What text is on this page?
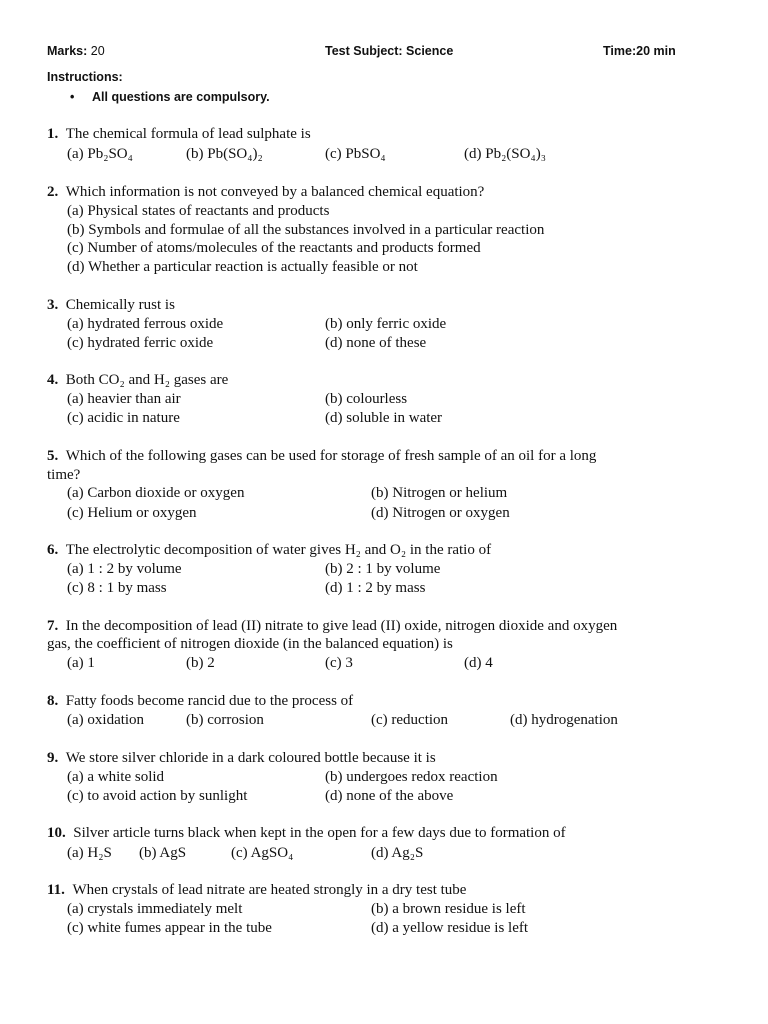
Marks: 20	Test Subject: Science	Time:20 min
Instructions:
• All questions are compulsory.
1. The chemical formula of lead sulphate is
(a) Pb₂SO₄	(b) Pb(SO₄)₂	(c) PbSO₄	(d) Pb₂(SO₄)₃
2. Which information is not conveyed by a balanced chemical equation?
(a) Physical states of reactants and products
(b) Symbols and formulae of all the substances involved in a particular reaction
(c) Number of atoms/molecules of the reactants and products formed
(d) Whether a particular reaction is actually feasible or not
3. Chemically rust is
(a) hydrated ferrous oxide	(b) only ferric oxide
(c) hydrated ferric oxide	(d) none of these
4. Both CO₂ and H₂ gases are
(a) heavier than air	(b) colourless
(c) acidic in nature	(d) soluble in water
5. Which of the following gases can be used for storage of fresh sample of an oil for a long
time?
(a) Carbon dioxide or oxygen	(b) Nitrogen or helium
(c) Helium or oxygen	(d) Nitrogen or oxygen
6. The electrolytic decomposition of water gives H₂ and O₂ in the ratio of
(a) 1 : 2 by volume	(b) 2 : 1 by volume
(c) 8 : 1 by mass	(d) 1 : 2 by mass
7. In the decomposition of lead (II) nitrate to give lead (II) oxide, nitrogen dioxide and oxygen
gas, the coefficient of nitrogen dioxide (in the balanced equation) is
(a) 1	(b) 2	(c) 3	(d) 4
8. Fatty foods become rancid due to the process of
(a) oxidation	(b) corrosion	(c) reduction	(d) hydrogenation
9. We store silver chloride in a dark coloured bottle because it is
(a) a white solid	(b) undergoes redox reaction
(c) to avoid action by sunlight	(d) none of the above
10. Silver article turns black when kept in the open for a few days due to formation of
(a) H₂S (b) AgS	(c) AgSO₄	(d) Ag₂S
11. When crystals of lead nitrate are heated strongly in a dry test tube
(a) crystals immediately melt	(b) a brown residue is left
(c) white fumes appear in the tube	(d) a yellow residue is left
